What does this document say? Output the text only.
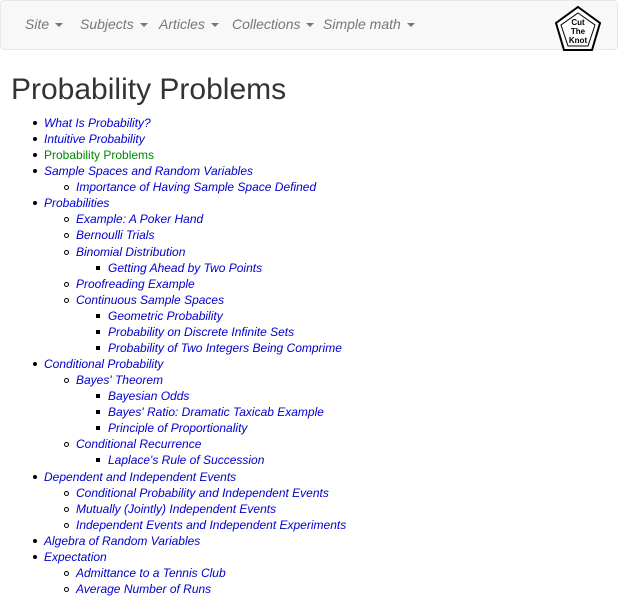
Site	Subjects	Articles	Collections	Simple math	Cut
The
Knot
Probability Problems
What Is Probability?
Intuitive Probability
Probability Problems
Sample Spaces and Random Variables
Importance of Having Sample Space Defined
Probabilities
Example: A Poker Hand
Bernoulli Trials
Binomial Distribution
Getting Ahead by Two Points
Proofreading Example
Continuous Sample Spaces
Geometric Probability
Probability on Discrete Infinite Sets
Probability of Two Integers Being Comprime
Conditional Probability
Bayes' Theorem
Bayesian Odds
Bayes' Ratio: Dramatic Taxicab Example
Principle of Proportionality
Conditional Recurrence
Laplace's Rule of Succession
Dependent and Independent Events
Conditional Probability and Independent Events
Mutually (Jointly) Independent Events
Independent Events and Independent Experiments
Algebra of Random Variables
Expectation
Admittance to a Tennis Club
Average Number of Runs
